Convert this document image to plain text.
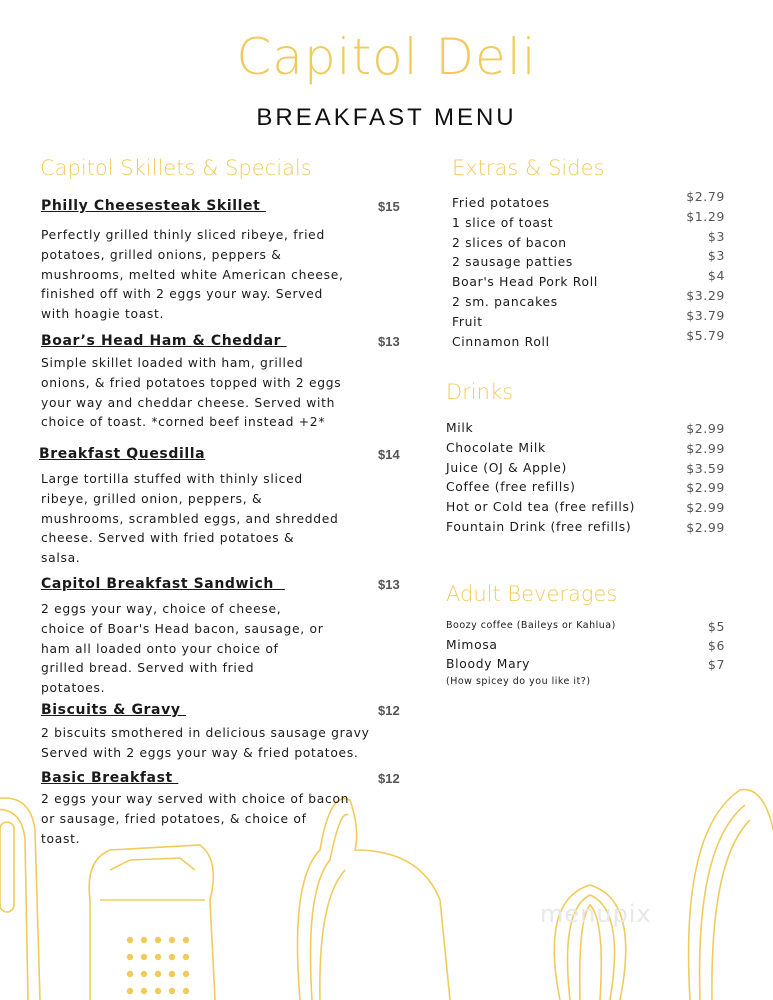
Capitol Deli
BREAKFAST MENU
Capitol Skillets & Specials
Philly Cheesesteak Skillet	$15
Perfectly grilled thinly sliced ribeye, fried
potatoes, grilled onions, peppers &
mushrooms, melted white American cheese,
finished off with 2 eggs your way. Served
with hoagie toast.
Boar’s Head Ham & Cheddar	$13
Simple skillet loaded with ham, grilled
onions, & fried potatoes topped with 2 eggs
your way and cheddar cheese. Served with
choice of toast. *corned beef instead +2*
Breakfast Quesdilla	$14
Large tortilla stuffed with thinly sliced
ribeye, grilled onion, peppers, &
mushrooms, scrambled eggs, and shredded
cheese. Served with fried potatoes &
salsa.
Capitol Breakfast Sandwich	$13
2 eggs your way, choice of cheese,
choice of Boar's Head bacon, sausage, or
ham all loaded onto your choice of
grilled bread. Served with fried
potatoes.
Biscuits & Gravy	$12
2 biscuits smothered in delicious sausage gravy
Served with 2 eggs your way & fried potatoes.
Basic Breakfast	$12
2 eggs your way served with choice of bacon
or sausage, fried potatoes, & choice of
toast.
Extras & Sides
Drinks
Adult Beverages
Fried potatoes	$2.79
1 slice of toast	$1.29
2 slices of bacon	$3
2 sausage patties	$3
Boar's Head Pork Roll	$4
2 sm. pancakes	$3.29
Fruit	$3.79
Cinnamon Roll	$5.79
Milk	$2.99
Chocolate Milk	$2.99
Juice (OJ & Apple)	$3.59
Coffee (free refills)	$2.99
Hot or Cold tea (free refills)	$2.99
Fountain Drink (free refills)	$2.99
Boozy coffee (Baileys or Kahlua)	$5
Mimosa	$6
Bloody Mary	$7
(How spicey do you like it?)
menupix
